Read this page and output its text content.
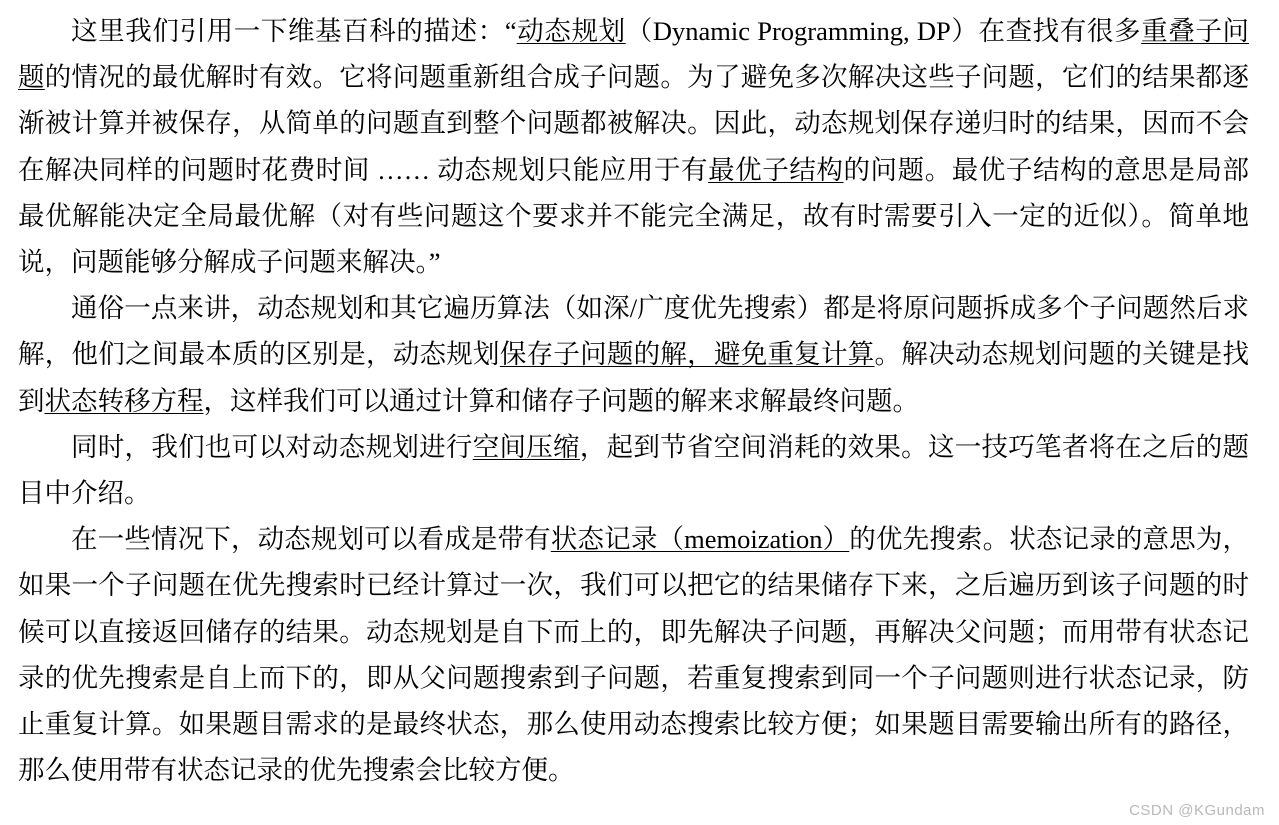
这里我们引用一下维基百科的描述：“动态规划（Dynamic Programming, DP）在查找有很多重叠子问题的情况的最优解时有效。它将问题重新组合成子问题。为了避免多次解决这些子问题，它们的结果都逐渐被计算并被保存，从简单的问题直到整个问题都被解决。因此，动态规划保存递归时的结果，因而不会在解决同样的问题时花费时间 …… 动态规划只能应用于有最优子结构的问题。最优子结构的意思是局部最优解能决定全局最优解（对有些问题这个要求并不能完全满足，故有时需要引入一定的近似）。简单地说，问题能够分解成子问题来解决。”

通俗一点来讲，动态规划和其它遍历算法（如深/广度优先搜索）都是将原问题拆成多个子问题然后求解，他们之间最本质的区别是，动态规划保存子问题的解，避免重复计算。解决动态规划问题的关键是找到状态转移方程，这样我们可以通过计算和储存子问题的解来求解最终问题。

同时，我们也可以对动态规划进行空间压缩，起到节省空间消耗的效果。这一技巧笔者将在之后的题目中介绍。

在一些情况下，动态规划可以看成是带有状态记录（memoization）的优先搜索。状态记录的意思为，如果一个子问题在优先搜索时已经计算过一次，我们可以把它的结果储存下来，之后遍历到该子问题的时候可以直接返回储存的结果。动态规划是自下而上的，即先解决子问题，再解决父问题；而用带有状态记录的优先搜索是自上而下的，即从父问题搜索到子问题，若重复搜索到同一个子问题则进行状态记录，防止重复计算。如果题目需求的是最终状态，那么使用动态搜索比较方便；如果题目需要输出所有的路径，那么使用带有状态记录的优先搜索会比较方便。

CSDN @KGundam
